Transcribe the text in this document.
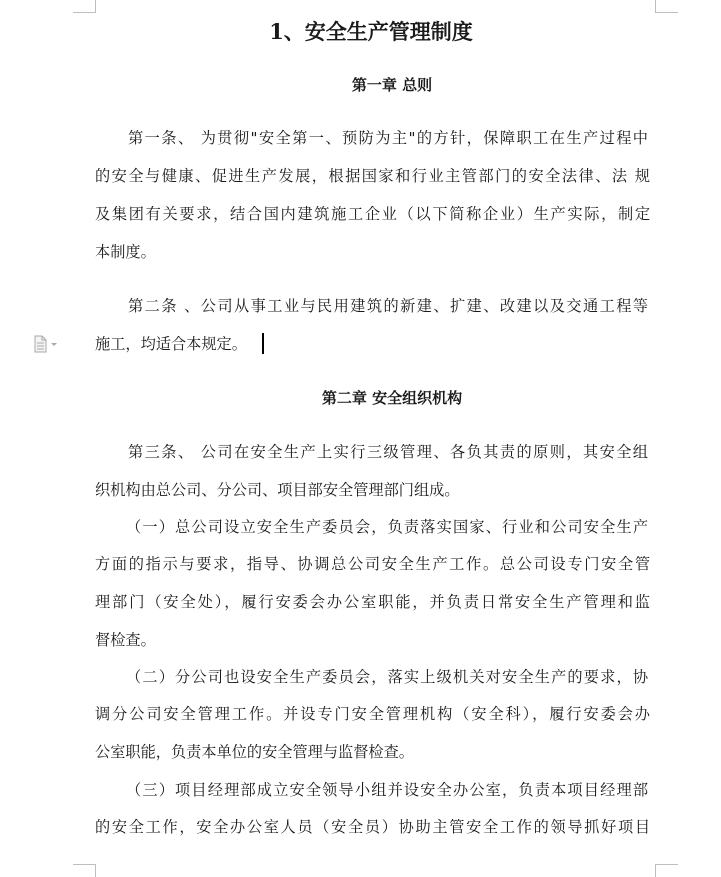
1、安全生产管理制度
第一章 总则

第一条、 为贯彻"安全第一、预防为主"的方针，保障职工在生产过程中

的安全与健康、促进生产发展，根据国家和行业主管部门的安全法律、法 规

及集团有关要求，结合国内建筑施工企业（以下简称企业）生产实际，制定

本制度。

第二条 、公司从事工业与民用建筑的新建、扩建、改建以及交通工程等

施工，均适合本规定。

第二章 安全组织机构

第三条、 公司在安全生产上实行三级管理、各负其责的原则，其安全组

织机构由总公司、分公司、项目部安全管理部门组成。

（一）总公司设立安全生产委员会，负责落实国家、行业和公司安全生产

方面的指示与要求，指导、协调总公司安全生产工作。总公司设专门安全管

理部门（安全处），履行安委会办公室职能，并负责日常安全生产管理和监

督检查。

（二）分公司也设安全生产委员会，落实上级机关对安全生产的要求，协

调分公司安全管理工作。并设专门安全管理机构（安全科），履行安委会办

公室职能，负责本单位的安全管理与监督检查。

（三）项目经理部成立安全领导小组并设安全办公室，负责本项目经理部

的安全工作，安全办公室人员（安全员）协助主管安全工作的领导抓好项目
